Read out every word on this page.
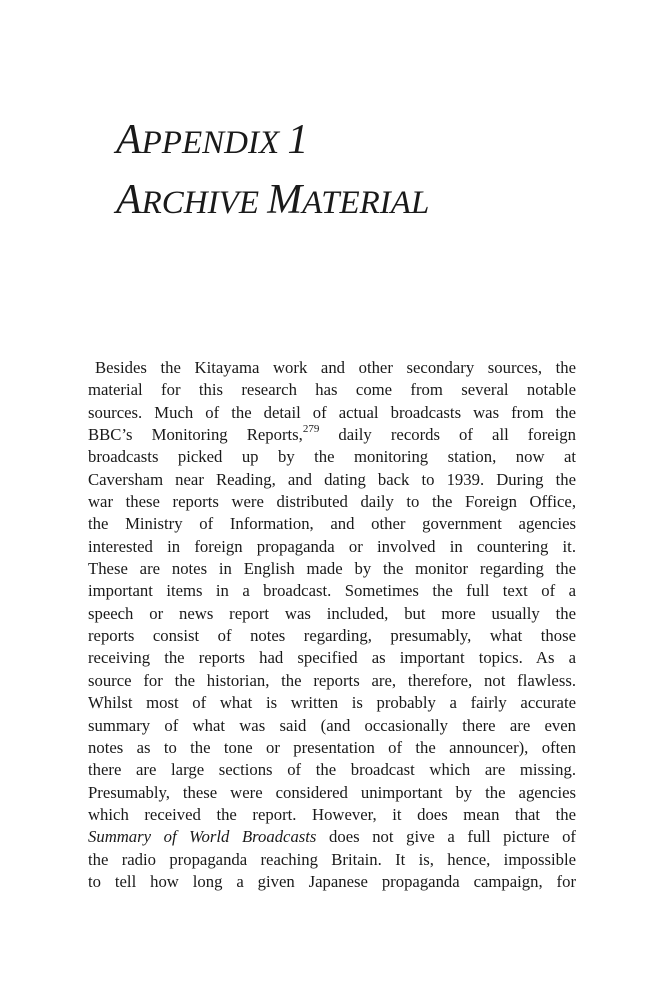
APPENDIX 1
ARCHIVE MATERIAL
Besides the Kitayama work and other secondary sources, the
material for this research has come from several notable
sources. Much of the detail of actual broadcasts was from the
BBC’s Monitoring Reports,$^{279}$ daily records of all foreign
broadcasts picked up by the monitoring station, now at
Caversham near Reading, and dating back to 1939. During the
war these reports were distributed daily to the Foreign Office,
the Ministry of Information, and other government agencies
interested in foreign propaganda or involved in countering it.
These are notes in English made by the monitor regarding the
important items in a broadcast. Sometimes the full text of a
speech or news report was included, but more usually the
reports consist of notes regarding, presumably, what those
receiving the reports had specified as important topics. As a
source for the historian, the reports are, therefore, not flawless.
Whilst most of what is written is probably a fairly accurate
summary of what was said (and occasionally there are even
notes as to the tone or presentation of the announcer), often
there are large sections of the broadcast which are missing.
Presumably, these were considered unimportant by the agencies
which received the report. However, it does mean that the
Summary of World Broadcasts does not give a full picture of
the radio propaganda reaching Britain. It is, hence, impossible
to tell how long a given Japanese propaganda campaign, for
